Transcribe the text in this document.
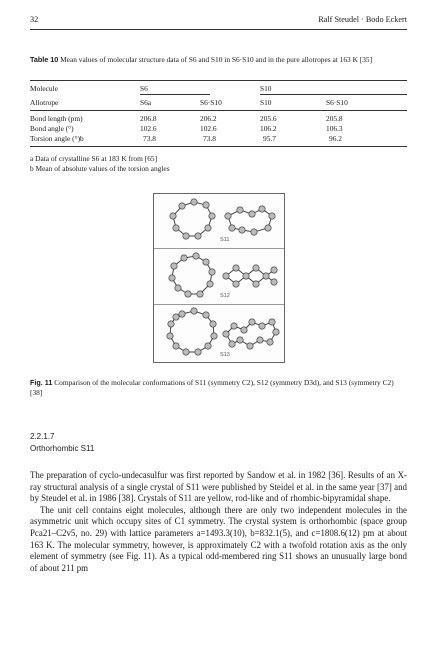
32	Ralf Steudel · Bodo Eckert
Table 10 Mean values of molecular structure data of S6 and S10 in S6·S10 and in the pure allotropes at 163 K [35]
Molecule	S6	S10
Allotrope	S6a	S6·S10	S10	S6·S10
Bond length (pm)	206.8	206.2	205.6	205.8
Bond angle (°)	102.6	102.6	106.2	106.3
Torsion angle (°)b	73.8	73.8	95.7	96.2
a Data of crystalline S6 at 183 K from [65]
b Mean of absolute values of the torsion angles
S11
S12
S13
Fig. 11 Comparison of the molecular conformations of S11 (symmetry C2), S12 (symmetry D3d), and S13 (symmetry C2) [38]
2.2.1.7
Orthorhombic S11

The preparation of cyclo-undecasulfur was first reported by Sandow et al. in 1982 [36]. Results of an X-ray structural analysis of a single crystal of S11 were published by Steidel et al. in the same year [37] and by Steudel et al. in 1986 [38]. Crystals of S11 are yellow, rod-like and of rhombic-bipyramidal shape.

The unit cell contains eight molecules, although there are only two independent molecules in the asymmetric unit which occupy sites of C1 symmetry. The crystal system is orthorhombic (space group Pca21–C2v5, no. 29) with lattice parameters a=1493.3(10), b=832.1(5), and c=1808.6(12) pm at about 163 K. The molecular symmetry, however, is approximately C2 with a twofold rotation axis as the only element of symmetry (see Fig. 11). As a typical odd-membered ring S11 shows an unusually large bond of about 211 pm
